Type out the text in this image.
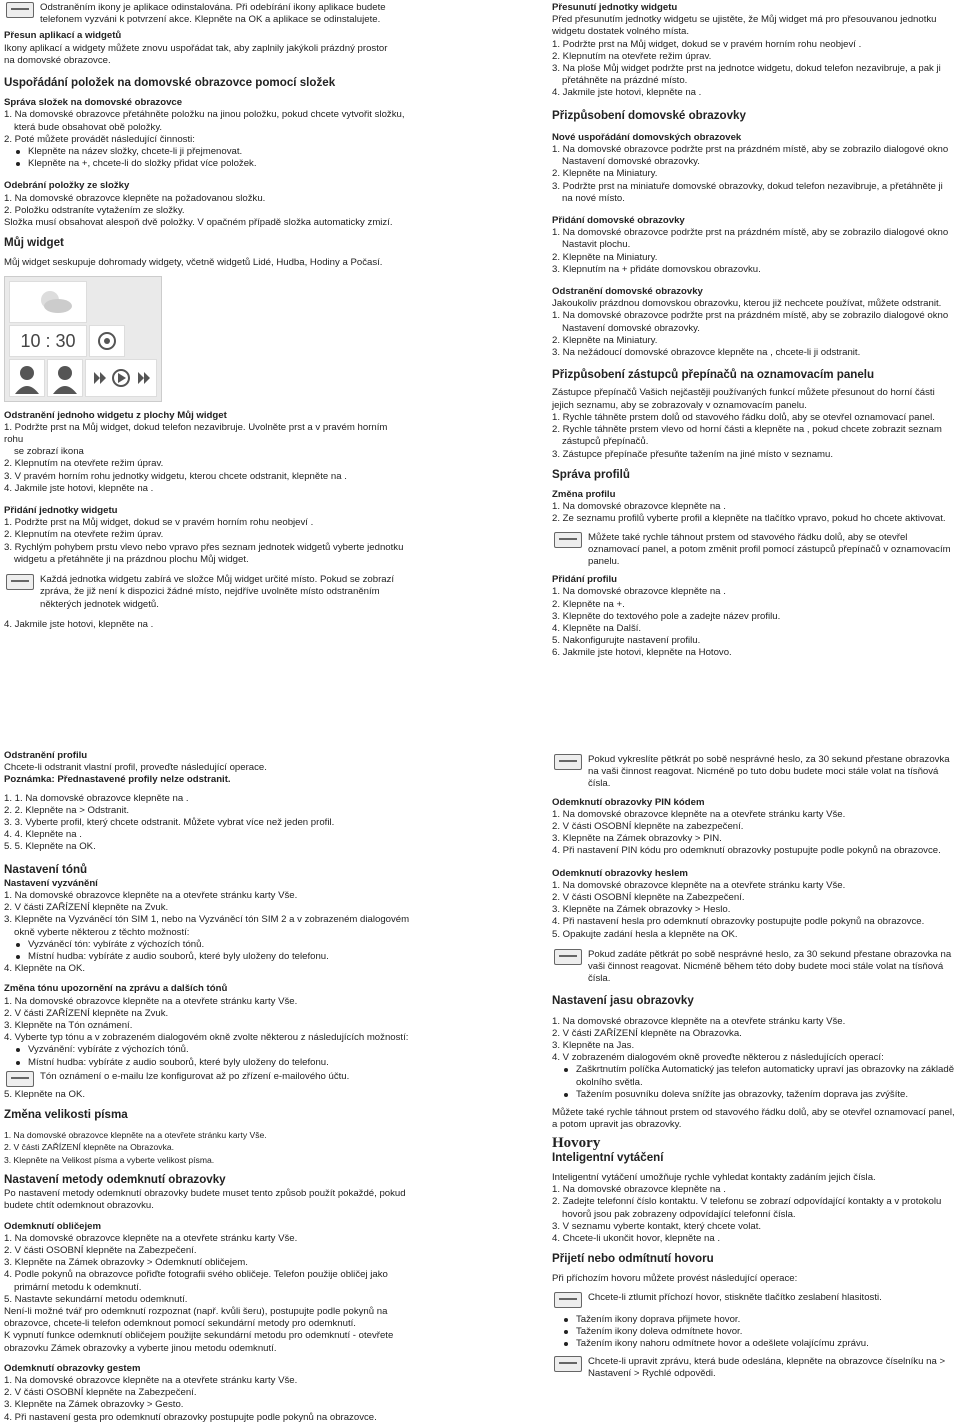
Odstraněním ikony je aplikace odinstalována. Při odebírání ikony aplikace budete

telefonem vyzváni k potvrzení akce. Klepněte na OK a aplikace se odinstalujete.

Přesun aplikací a widgetů

Ikony aplikací a widgety můžete znovu uspořádat tak, aby zaplnily jakýkoli prázdný prostor

na domovské obrazovce.

Uspořádání položek na domovské obrazovce pomocí složek

Správa složek na domovské obrazovce

1. Na domovské obrazovce přetáhněte položku na jinou položku, pokud chcete vytvořit složku,

která bude obsahovat obě položky.

2. Poté můžete provádět následující činnosti:

Klepněte na název složky, chcete-li ji přejmenovat.

Klepněte na +, chcete-li do složky přidat více položek.

Odebrání položky ze složky

1. Na domovské obrazovce klepněte na požadovanou složku.

2. Položku odstraníte vytažením ze složky.

Složka musí obsahovat alespoň dvě položky. V opačném případě složka automaticky zmizí.

Můj widget

Můj widget seskupuje dohromady widgety, včetně widgetů Lidé, Hudba, Hodiny a Počasí.

10 : 30

Odstranění jednoho widgetu z plochy Můj widget

1. Podržte prst na Můj widget, dokud telefon nezavibruje. Uvolněte prst a v pravém horním rohu

se zobrazí ikona

2. Klepnutím na otevřete režim úprav.

3. V pravém horním rohu jednotky widgetu, kterou chcete odstranit, klepněte na .

4. Jakmile jste hotovi, klepněte na .

Přidání jednotky widgetu

1. Podržte prst na Můj widget, dokud se v pravém horním rohu neobjeví .

2. Klepnutím na otevřete režim úprav.

3. Rychlým pohybem prstu vlevo nebo vpravo přes seznam jednotek widgetů vyberte jednotku

widgetu a přetáhněte ji na prázdnou plochu Můj widget.

Každá jednotka widgetu zabírá ve složce Můj widget určité místo. Pokud se zobrazí zpráva, že již není k dispozici žádné místo, nejdříve uvolněte místo odstraněním některých jednotek widgetů.

4. Jakmile jste hotovi, klepněte na .

Přesunutí jednotky widgetu

Před přesunutím jednotky widgetu se ujistěte, že Můj widget má pro přesouvanou jednotku widgetu dostatek volného místa.

1. Podržte prst na Můj widget, dokud se v pravém horním rohu neobjeví .

2. Klepnutím na otevřete režim úprav.

3. Na ploše Můj widget podržte prst na jednotce widgetu, dokud telefon nezavibruje, a pak ji přetáhněte na prázdné místo.

4. Jakmile jste hotovi, klepněte na .

Přizpůsobení domovské obrazovky

Nové uspořádání domovských obrazovek

1. Na domovské obrazovce podržte prst na prázdném místě, aby se zobrazilo dialogové okno Nastavení domovské obrazovky.

2. Klepněte na Miniatury.

3. Podržte prst na miniatuře domovské obrazovky, dokud telefon nezavibruje, a přetáhněte ji na nové místo.

Přidání domovské obrazovky

1. Na domovské obrazovce podržte prst na prázdném místě, aby se zobrazilo dialogové okno Nastavit plochu.

2. Klepněte na Miniatury.

3. Klepnutím na + přidáte domovskou obrazovku.

Odstranění domovské obrazovky

Jakoukoliv prázdnou domovskou obrazovku, kterou již nechcete používat, můžete odstranit.

1. Na domovské obrazovce podržte prst na prázdném místě, aby se zobrazilo dialogové okno Nastavení domovské obrazovky.

2. Klepněte na Miniatury.

3. Na nežádoucí domovské obrazovce klepněte na , chcete-li ji odstranit.

Přizpůsobení zástupců přepínačů na oznamovacím panelu

Zástupce přepínačů Vašich nejčastěji používaných funkcí můžete přesunout do horní části jejich seznamu, aby se zobrazovaly v oznamovacím panelu.

1. Rychle táhněte prstem dolů od stavového řádku dolů, aby se otevřel oznamovací panel.

2. Rychle táhněte prstem vlevo od horní části a klepněte na , pokud chcete zobrazit seznam zástupců přepínačů.

3. Zástupce přepínače přesuňte tažením na jiné místo v seznamu.

Správa profilů

Změna profilu

1. Na domovské obrazovce klepněte na .

2. Ze seznamu profilů vyberte profil a klepněte na tlačítko vpravo, pokud ho chcete aktivovat.

Můžete také rychle táhnout prstem od stavového řádku dolů, aby se otevřel oznamovací panel, a potom změnit profil pomocí zástupců přepínačů v oznamovacím panelu.

Přidání profilu

1. Na domovské obrazovce klepněte na .

2. Klepněte na +.

3. Klepněte do textového pole a zadejte název profilu.

4. Klepněte na Další.

5. Nakonfigurujte nastavení profilu.

6. Jakmile jste hotovi, klepněte na Hotovo.

Odstranění profilu

Chcete-li odstranit vlastní profil, proveďte následující operace.

Poznámka: Přednastavené profily nelze odstranit.

1. 1. Na domovské obrazovce klepněte na .

2. 2. Klepněte na > Odstranit.

3. 3. Vyberte profil, který chcete odstranit. Můžete vybrat více než jeden profil.

4. 4. Klepněte na .

5. 5. Klepněte na OK.

Nastavení tónů

Nastavení vyzvánění

1. Na domovské obrazovce klepněte na a otevřete stránku karty Vše.

2. V části ZAŘÍZENÍ klepněte na Zvuk.

3. Klepněte na Vyzváněcí tón SIM 1, nebo na Vyzváněcí tón SIM 2 a v zobrazeném dialogovém okně vyberte některou z těchto možností:

Vyzváněcí tón: vybíráte z výchozích tónů.

Místní hudba: vybíráte z audio souborů, které byly uloženy do telefonu.

4. Klepněte na OK.

Změna tónu upozornění na zprávu a dalších tónů

1. Na domovské obrazovce klepněte na a otevřete stránku karty Vše.

2. V části ZAŘÍZENÍ klepněte na Zvuk.

3. Klepněte na Tón oznámení.

4. Vyberte typ tónu a v zobrazeném dialogovém okně zvolte některou z následujících možností:

Vyzvánění: vybíráte z výchozích tónů.

Místní hudba: vybíráte z audio souborů, které byly uloženy do telefonu.

Tón oznámení o e-mailu lze konfigurovat až po zřízení e-mailového účtu.

5. Klepněte na OK.

Změna velikosti písma

1. Na domovské obrazovce klepněte na a otevřete stránku karty Vše.

2. V části ZAŘÍZENÍ klepněte na Obrazovka.

3. Klepněte na Velikost písma a vyberte velikost písma.

Nastavení metody odemknutí obrazovky

Po nastavení metody odemknutí obrazovky budete muset tento způsob použít pokaždé, pokud budete chtít odemknout obrazovku.

Odemknutí obličejem

1. Na domovské obrazovce klepněte na a otevřete stránku karty Vše.

2. V části OSOBNÍ klepněte na Zabezpečení.

3. Klepněte na Zámek obrazovky > Odemknutí obličejem.

4. Podle pokynů na obrazovce pořiďte fotografii svého obličeje. Telefon použije obličej jako primární metodu k odemknutí.

5. Nastavte sekundární metodu odemknutí.

Není-li možné tvář pro odemknutí rozpoznat (např. kvůli šeru), postupujte podle pokynů na obrazovce, chcete-li telefon odemknout pomocí sekundární metody pro odemknutí.

K vypnutí funkce odemknutí obličejem použijte sekundární metodu pro odemknutí - otevřete obrazovku Zámek obrazovky a vyberte jinou metodu odemknutí.

Odemknutí obrazovky gestem

1. Na domovské obrazovce klepněte na a otevřete stránku karty Vše.

2. V části OSOBNÍ klepněte na Zabezpečení.

3. Klepněte na Zámek obrazovky > Gesto.

4. Při nastavení gesta pro odemknutí obrazovky postupujte podle pokynů na obrazovce.

Pokud vykreslíte pětkrát po sobě nesprávné heslo, za 30 sekund přestane obrazovka na vaši činnost reagovat. Nicméně po tuto dobu budete moci stále volat na tísňová čísla.

Odemknutí obrazovky PIN kódem

1. Na domovské obrazovce klepněte na a otevřete stránku karty Vše.

2. V části OSOBNÍ klepněte na zabezpečení.

3. Klepněte na Zámek obrazovky > PIN.

4. Při nastavení PIN kódu pro odemknutí obrazovky postupujte podle pokynů na obrazovce.

Odemknutí obrazovky heslem

1. Na domovské obrazovce klepněte na a otevřete stránku karty Vše.

2. V části OSOBNÍ klepněte na Zabezpečení.

3. Klepněte na Zámek obrazovky > Heslo.

4. Při nastavení hesla pro odemknutí obrazovky postupujte podle pokynů na obrazovce.

5. Opakujte zadání hesla a klepněte na OK.

Pokud zadáte pětkrát po sobě nesprávné heslo, za 30 sekund přestane obrazovka na vaši činnost reagovat. Nicméně během této doby budete moci stále volat na tísňová čísla.

Nastavení jasu obrazovky

1. Na domovské obrazovce klepněte na a otevřete stránku karty Vše.

2. V části ZAŘÍZENÍ klepněte na Obrazovka.

3. Klepněte na Jas.

4. V zobrazeném dialogovém okně proveďte některou z následujících operací:

Zaškrtnutím políčka Automatický jas telefon automaticky upraví jas obrazovky na základě okolního světla.

Tažením posuvníku doleva snížíte jas obrazovky, tažením doprava jas zvýšíte.

Můžete také rychle táhnout prstem od stavového řádku dolů, aby se otevřel oznamovací panel, a potom upravit jas obrazovky.

Hovory

Inteligentní vytáčení

Inteligentní vytáčení umožňuje rychle vyhledat kontakty zadáním jejich čísla.

1. Na domovské obrazovce klepněte na .

2. Zadejte telefonní číslo kontaktu. V telefonu se zobrazí odpovídající kontakty a v protokolu hovorů jsou pak zobrazeny odpovídající telefonní čísla.

3. V seznamu vyberte kontakt, který chcete volat.

4. Chcete-li ukončit hovor, klepněte na .

Přijetí nebo odmítnutí hovoru

Při příchozím hovoru můžete provést následující operace:

Chcete-li ztlumit příchozí hovor, stiskněte tlačítko zeslabení hlasitosti.

Tažením ikony doprava přijmete hovor.

Tažením ikony doleva odmítnete hovor.

Tažením ikony nahoru odmítnete hovor a odešlete volajícímu zprávu.

Chcete-li upravit zprávu, která bude odeslána, klepněte na obrazovce číselníku na > Nastavení > Rychlé odpovědi.
